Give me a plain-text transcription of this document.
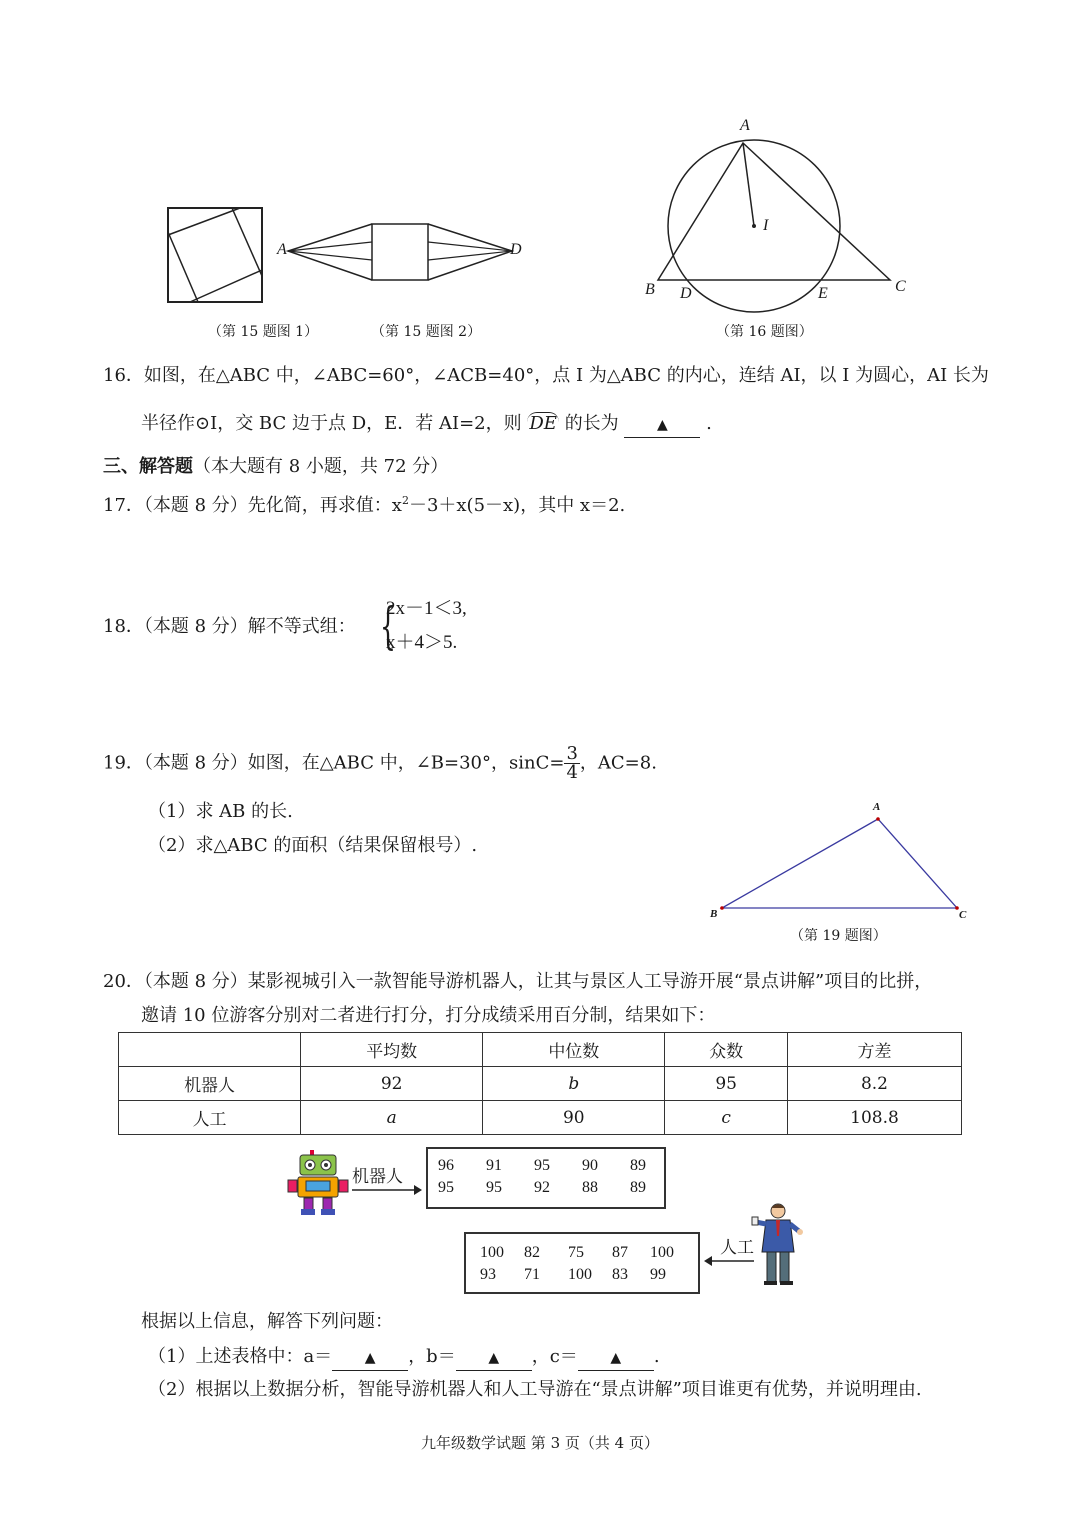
（第 15 题图 1）
A	D
（第 15 题图 2）
A
I
B D	E	C
（第 16 题图）
16．如图，在△ABC 中，∠ABC=60°，∠ACB=40°，点 I 为△ABC 的内心，连结 AI，以 I 为圆心，AI 长为
半径作⊙I，交 BC 边于点 D，E．若 AI=2，则 DE 的长为	▲ .
三、解答题（本大题有 8 小题，共 72 分）
17．（本题 8 分）先化简，再求值：$x^2-3+x(5-x)$，其中 x＝2.
18．（本题 8 分）解不等式组： {
2x－1＜3,
x＋4＞5.
19．（本题 8 分）如图，在△ABC 中，∠B=30°，$\sin C= \frac{3}{4}$ ，AC=8.
（1）求 AB 的长.
（2）求△ABC 的面积（结果保留根号）.
A
B	C
（第 19 题图）
20．（本题 8 分）某影视城引入一款智能导游机器人，让其与景区人工导游开展“景点讲解”项目的比拼，
邀请 10 位游客分别对二者进行打分，打分成绩采用百分制，结果如下：
	平均数	中位数	众数	方差
机器人	92	b	95	8.2
人工	a	90	c	108.8
机器人
96	91	95	90	89
95	95	92	88	89
100	82	75	87	100
93	71	100	83	99
人工
根据以上信息，解答下列问题：
（1）上述表格中：a＝ ▲ ，b＝ ▲ ，c＝ ▲ .
（2）根据以上数据分析，智能导游机器人和人工导游在“景点讲解”项目谁更有优势，并说明理由.
九年级数学试题 第 3 页（共 4 页）
